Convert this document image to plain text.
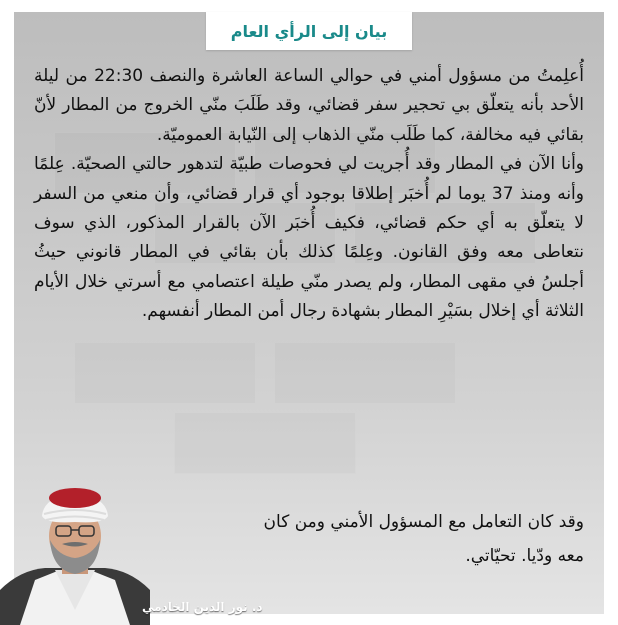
بيان إلى الرأي العام

أُعلِمتُ من مسؤول أمني في حوالي الساعة العاشرة والنصف 22:30 من ليلة الأحد بأنه يتعلّق بي تحجير سفر قضائي، وقد طَلَبَ منّي الخروج من المطار لأنّ بقائي فيه مخالفة، كما طَلَب منّي الذهاب إلى النّيابة العموميّة.

وأنا الآن في المطار وقد أُجريت لي فحوصات طبيّة لتدهور حالتي الصحيّة. عِلمًا وأنه ومنذ 37 يوما لم أُخبَر إطلاقا بوجود أي قرار قضائي، وأن منعي من السفر لا يتعلّق به أي حكم قضائي، فكيف أُخبَر الآن بالقرار المذكور، الذي سوف نتعاطى معه وفق القانون. وعِلمًا كذلك بأن بقائي في المطار قانوني حيثُ أجلسُ في مقهى المطار، ولم يصدر منّي طيلة اعتصامي مع أسرتي خلال الأيام الثلاثة أي إخلال بسَيْرِ المطار بشهادة رجال أمن المطار أنفسهم.

وقد كان التعامل مع المسؤول الأمني ومن كان

معه ودّيا. تحيّاتي.

د. نور الدين الخادمي
